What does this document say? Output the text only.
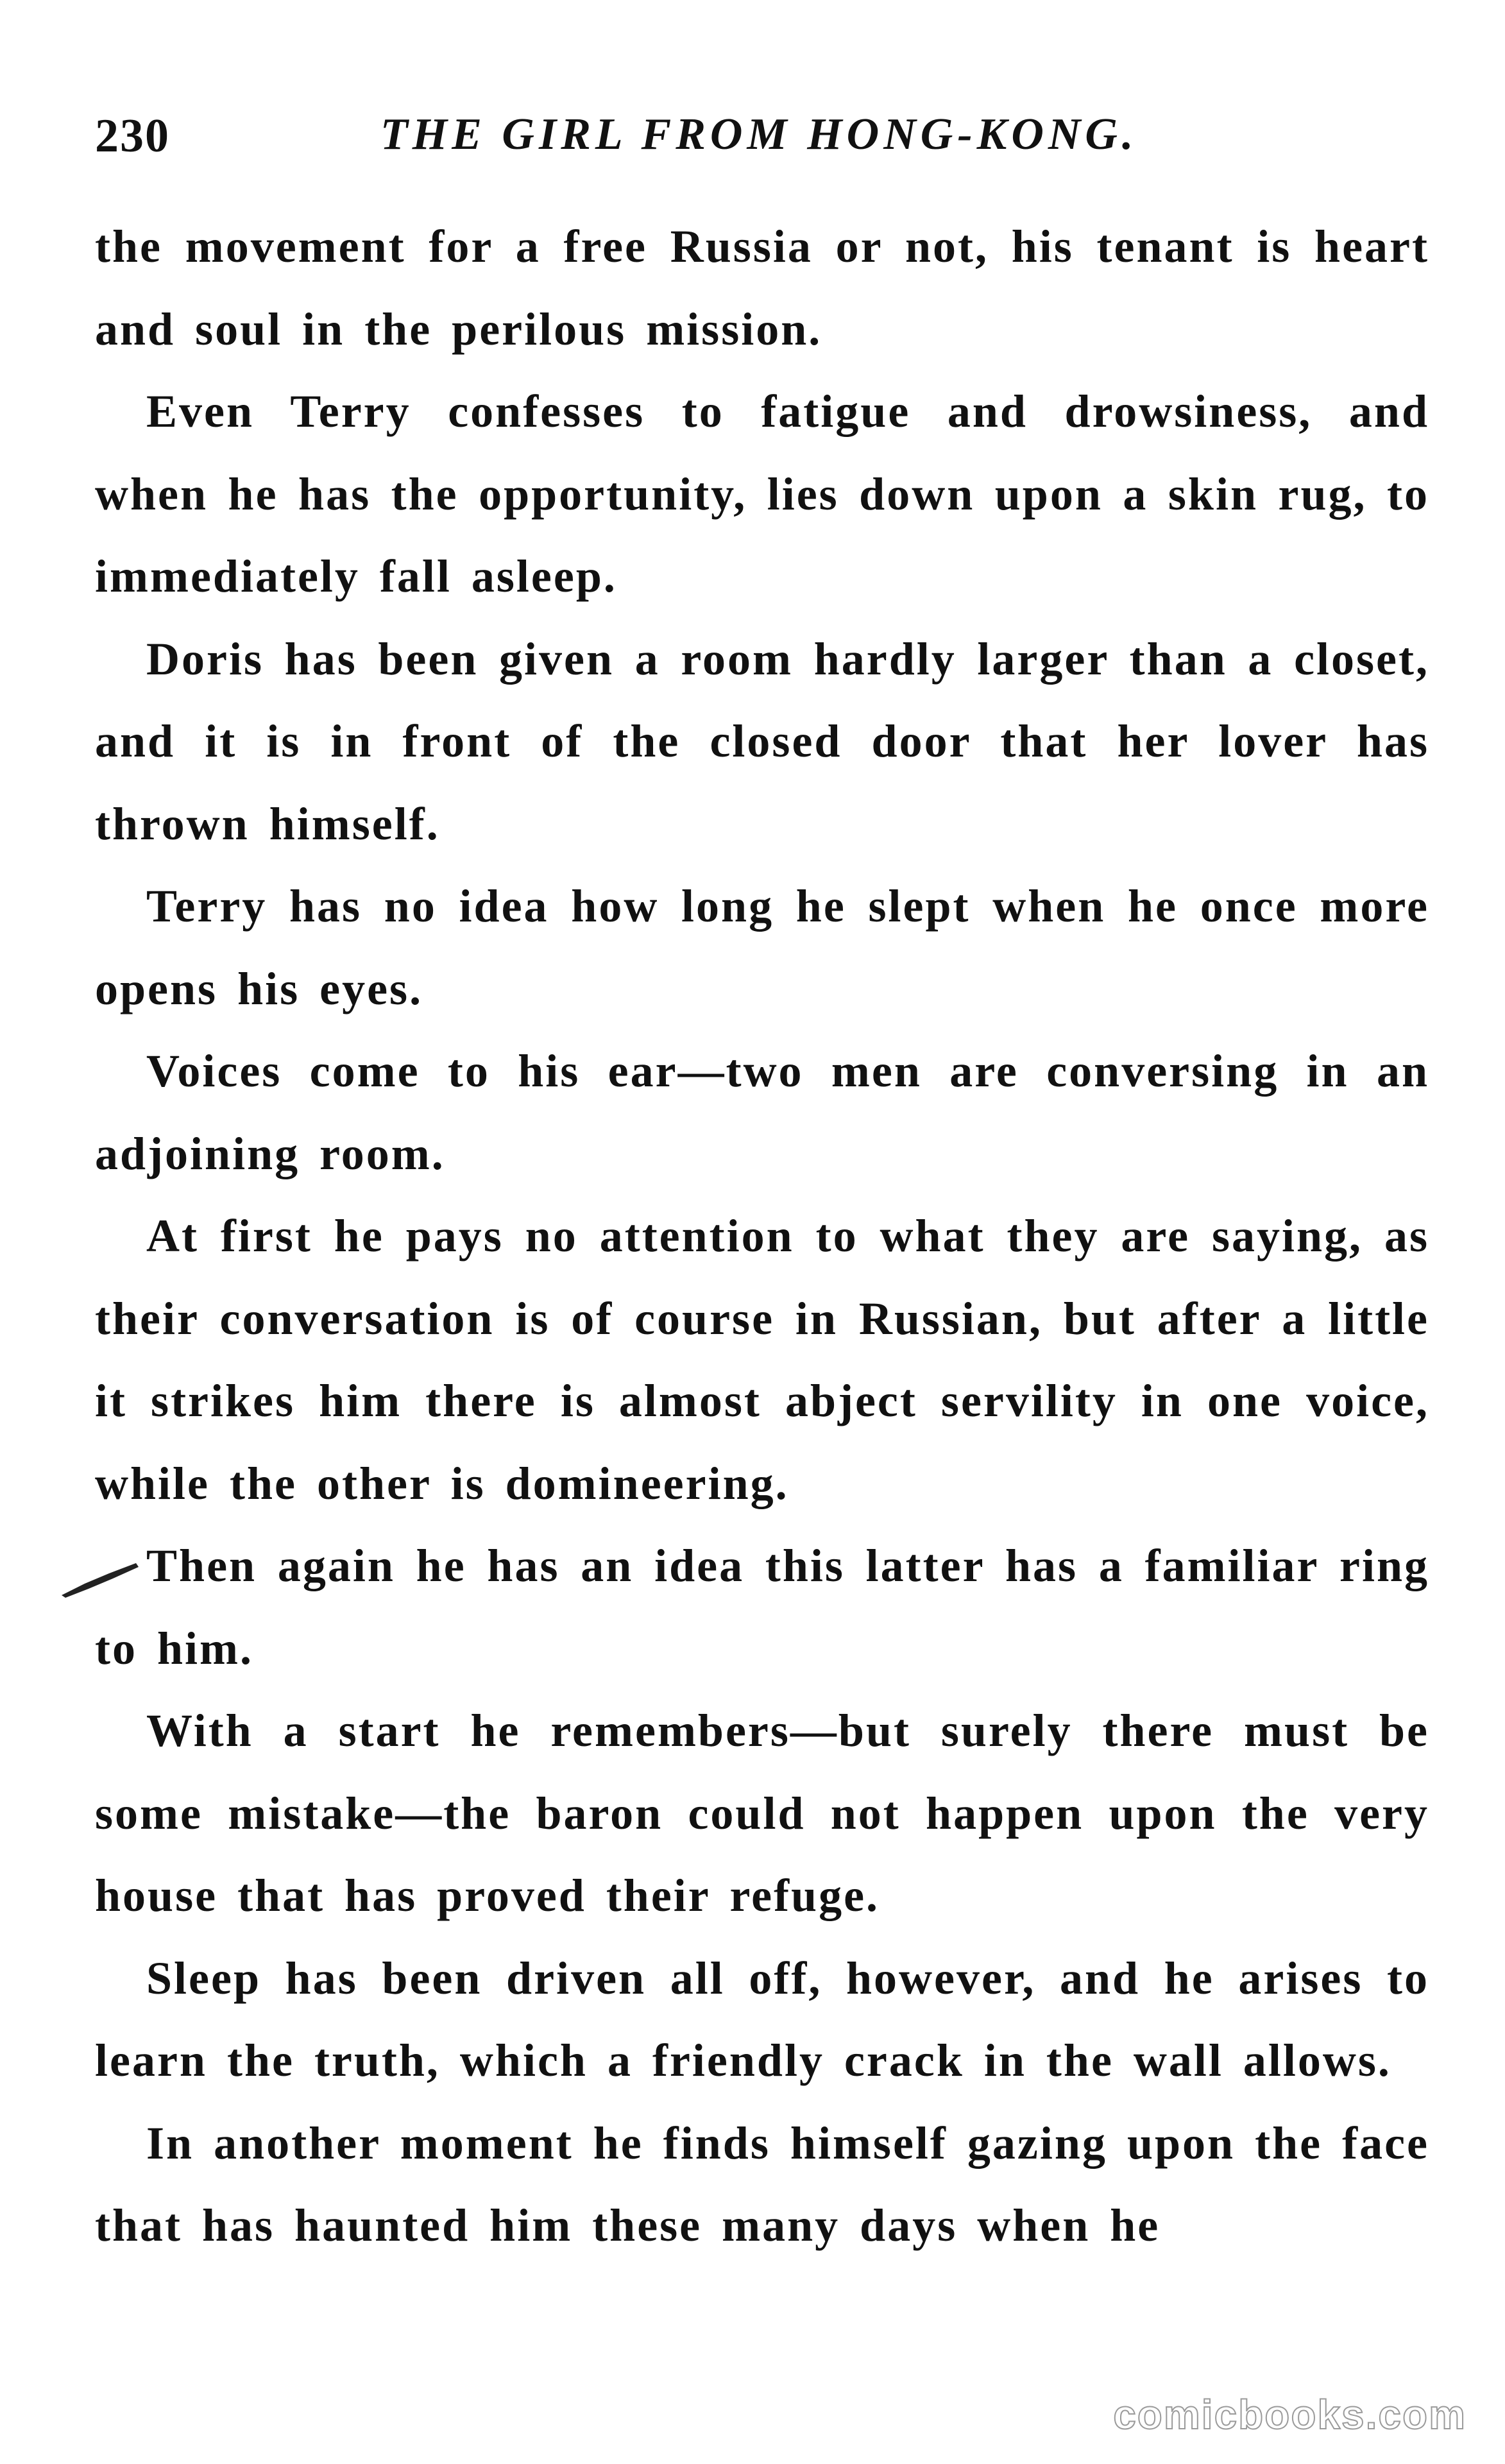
230	THE GIRL FROM HONG-KONG.

the movement for a free Russia or not, his tenant is heart and soul in the perilous mission.

Even Terry confesses to fatigue and drowsiness, and when he has the opportunity, lies down upon a skin rug, to immediately fall asleep.

Doris has been given a room hardly larger than a closet, and it is in front of the closed door that her lover has thrown himself.

Terry has no idea how long he slept when he once more opens his eyes.

Voices come to his ear—two men are conversing in an adjoining room.

At first he pays no attention to what they are saying, as their conversation is of course in Russian, but after a little it strikes him there is almost abject servility in one voice, while the other is domineering.

Then again he has an idea this latter has a familiar ring to him.

With a start he remembers—but surely there must be some mistake—the baron could not happen upon the very house that has proved their refuge.

Sleep has been driven all off, however, and he arises to learn the truth, which a friendly crack in the wall allows.

In another moment he finds himself gazing upon the face that has haunted him these many days when he

comicbooks.com
